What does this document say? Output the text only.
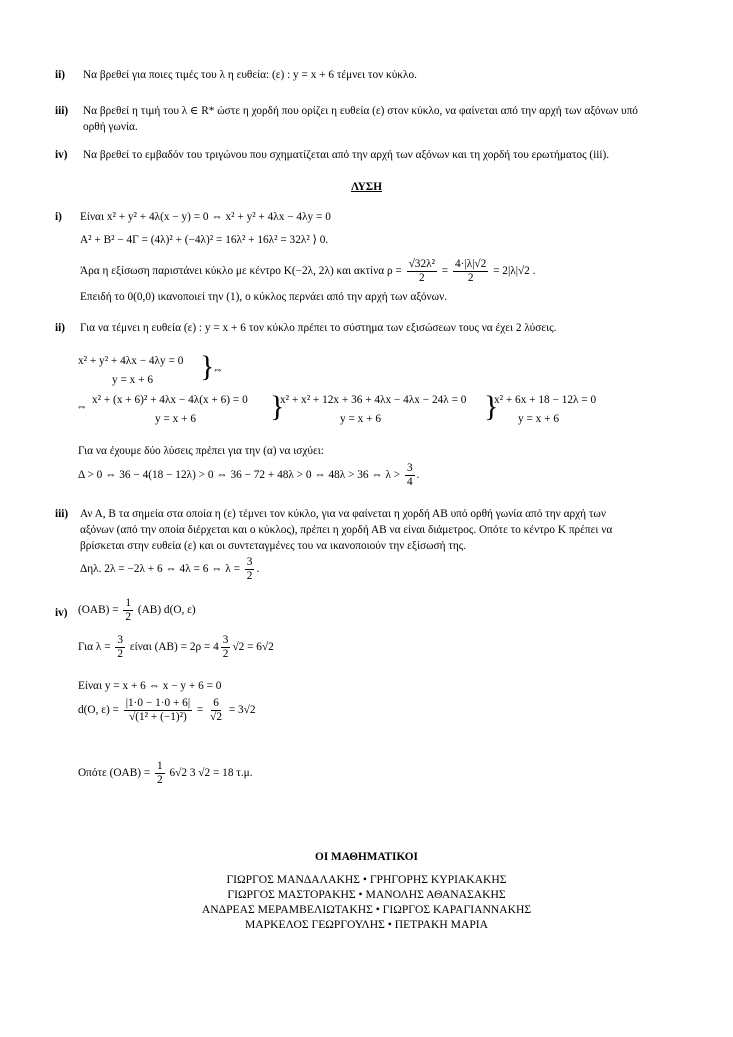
ii) Να βρεθεί για ποιες τιμές του λ η ευθεία: (ε) : y = x + 6 τέμνει τον κύκλο.
iii) Να βρεθεί η τιμή του λ ∈ R* ώστε η χορδή που ορίζει η ευθεία (ε) στον κύκλο, να φαίνεται από την αρχή των αξόνων υπό
ορθή γωνία.
iv) Να βρεθεί το εμβαδόν του τριγώνου που σχηματίζεται από την αρχή των αξόνων και τη χορδή του ερωτήματος (iii).
ΛΥΣΗ
i) Είναι x² + y² + 4λ(x − y) = 0 ⇔ x² + y² + 4λx − 4λy = 0
A² + B² − 4Γ = (4λ)² + (−4λ)² = 16λ² + 16λ² = 32λ² ⟩ 0.
Άρα η εξίσωση παριστάνει κύκλο με κέντρο K(−2λ, 2λ) και ακτίνα $\rho = \frac{\text{√32λ²}}{2} = \frac{4\cdot|\lambda|√2}{2} = 2|\lambda|√2$ .
Επειδή το 0(0,0) ικανοποιεί την (1), ο κύκλος περνάει από την αρχή των αξόνων.
ii) Για να τέμνει η ευθεία (ε) : y = x + 6 τον κύκλο πρέπει το σύστημα των εξισώσεων τους να έχει 2 λύσεις.
x² + y² + 4λx − 4λy = 0
y = x + 6 }
⇔
⇔
x² + (x + 6)² + 4λx − 4λ(x + 6) = 0
y = x + 6 }
x² + x² + 12x + 36 + 4λx − 4λx − 24λ = 0
y = x + 6	}
x² + 6x + 18 − 12λ = 0
y = x + 6
Για να έχουμε δύο λύσεις πρέπει για την (α) να ισχύει:
Δ > 0 ⇔ 36 − 4(18 − 12λ) > 0 ⇔ 36 − 72 + 48λ > 0 ⇔ 48λ > 36 ⇔ $\lambda > \frac{3}{4}$ .
iii) Αν Α, Β τα σημεία στα οποία η (ε) τέμνει τον κύκλο, για να φαίνεται η χορδή ΑΒ υπό ορθή γωνία από την αρχή των
αξόνων (από την οποία διέρχεται και ο κύκλος), πρέπει η χορδή ΑΒ να είναι διάμετρος. Οπότε το κέντρο Κ πρέπει να
βρίσκεται στην ευθεία (ε) και οι συντεταγμένες του να ικανοποιούν την εξίσωσή της.
Δηλ. 2λ = −2λ + 6 ⇔ 4λ = 6 ⇔ $\lambda = \frac{3}{2}$ .
iv) $(OAB) = \frac{1}{2} (AB)$ d(O, ε)
Για $\lambda = \frac{3}{2}$ είναι $(AB) = 2\rho = 4 \frac{3}{2} √2 = 6√2$
Είναι y = x + 6 ⇔ x − y + 6 = 0
d(O, $\varepsilon) = \frac{|1\cdot 0 - 1\cdot 0 + 6|}{\text{√(1² + (−1)²)}} = \frac{6}{√2} = 3√2$
Οπότε $(OAB) = \frac{1}{2} 6√2$ 3 √2 = 18 τ.μ.
ΟΙ ΜΑΘΗΜΑΤΙΚΟΙ
ΓΙΩΡΓΟΣ ΜΑΝΔΑΛΑΚΗΣ • ΓΡΗΓΟΡΗΣ ΚΥΡΙΑΚΑΚΗΣ
ΓΙΩΡΓΟΣ ΜΑΣΤΟΡΑΚΗΣ • ΜΑΝΟΛΗΣ ΑΘΑΝΑΣΑΚΗΣ
ΑΝΔΡΕΑΣ ΜΕΡΑΜΒΕΛΙΩΤΑΚΗΣ • ΓΙΩΡΓΟΣ ΚΑΡΑΓΙΑΝΝΑΚΗΣ
ΜΑΡΚΕΛΟΣ ΓΕΩΡΓΟΥΛΗΣ • ΠΕΤΡΑΚΗ ΜΑΡΙΑ
